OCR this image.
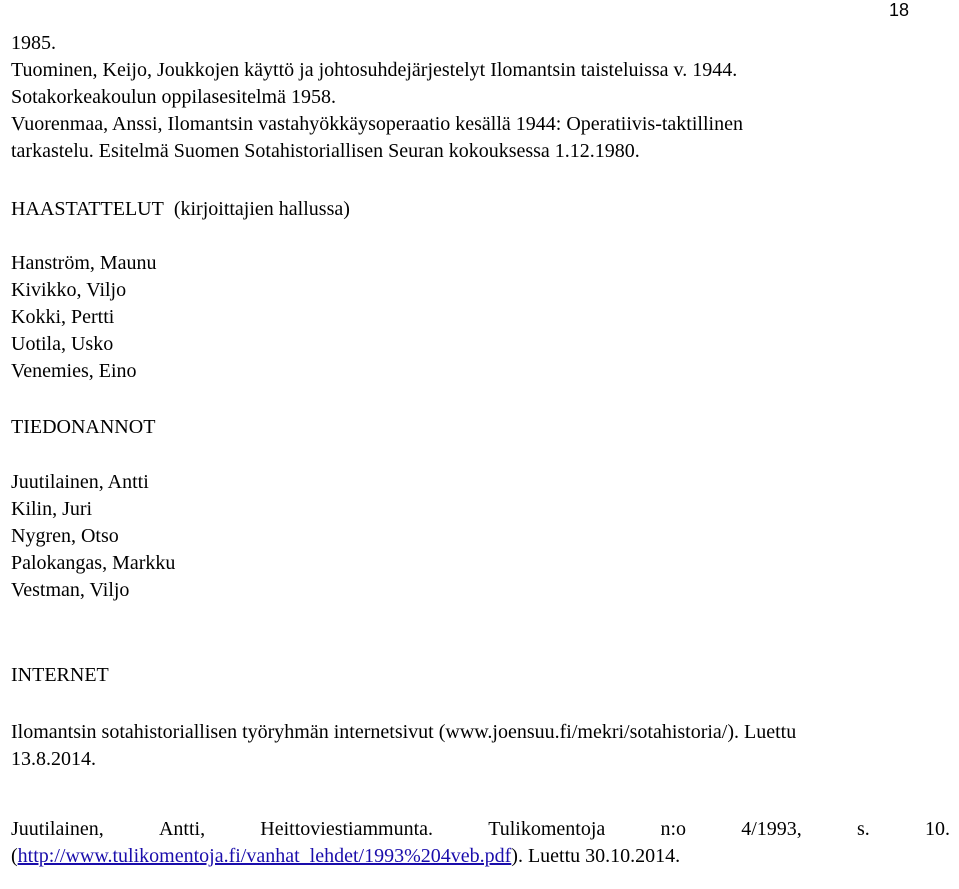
18
1985.
Tuominen, Keijo, Joukkojen käyttö ja johtosuhdejärjestelyt Ilomantsin taisteluissa v. 1944.
Sotakorkeakoulun oppilasesitelmä 1958.
Vuorenmaa, Anssi, Ilomantsin vastahyökkäysoperaatio kesällä 1944: Operatiivis-taktillinen
tarkastelu. Esitelmä Suomen Sotahistoriallisen Seuran kokouksessa 1.12.1980.
HAASTATTELUT (kirjoittajien hallussa)
Hanström, Maunu
Kivikko, Viljo
Kokki, Pertti
Uotila, Usko
Venemies, Eino
TIEDONANNOT
Juutilainen, Antti
Kilin, Juri
Nygren, Otso
Palokangas, Markku
Vestman, Viljo
INTERNET
Ilomantsin sotahistoriallisen työryhmän internetsivut (www.joensuu.fi/mekri/sotahistoria/). Luettu
13.8.2014.
Juutilainen,	Antti,	Heittoviestiammunta.	Tulikomentoja	n:o	4/1993,	s.	10.
(http://www.tulikomentoja.fi/vanhat_lehdet/1993%204veb.pdf). Luettu 30.10.2014.
